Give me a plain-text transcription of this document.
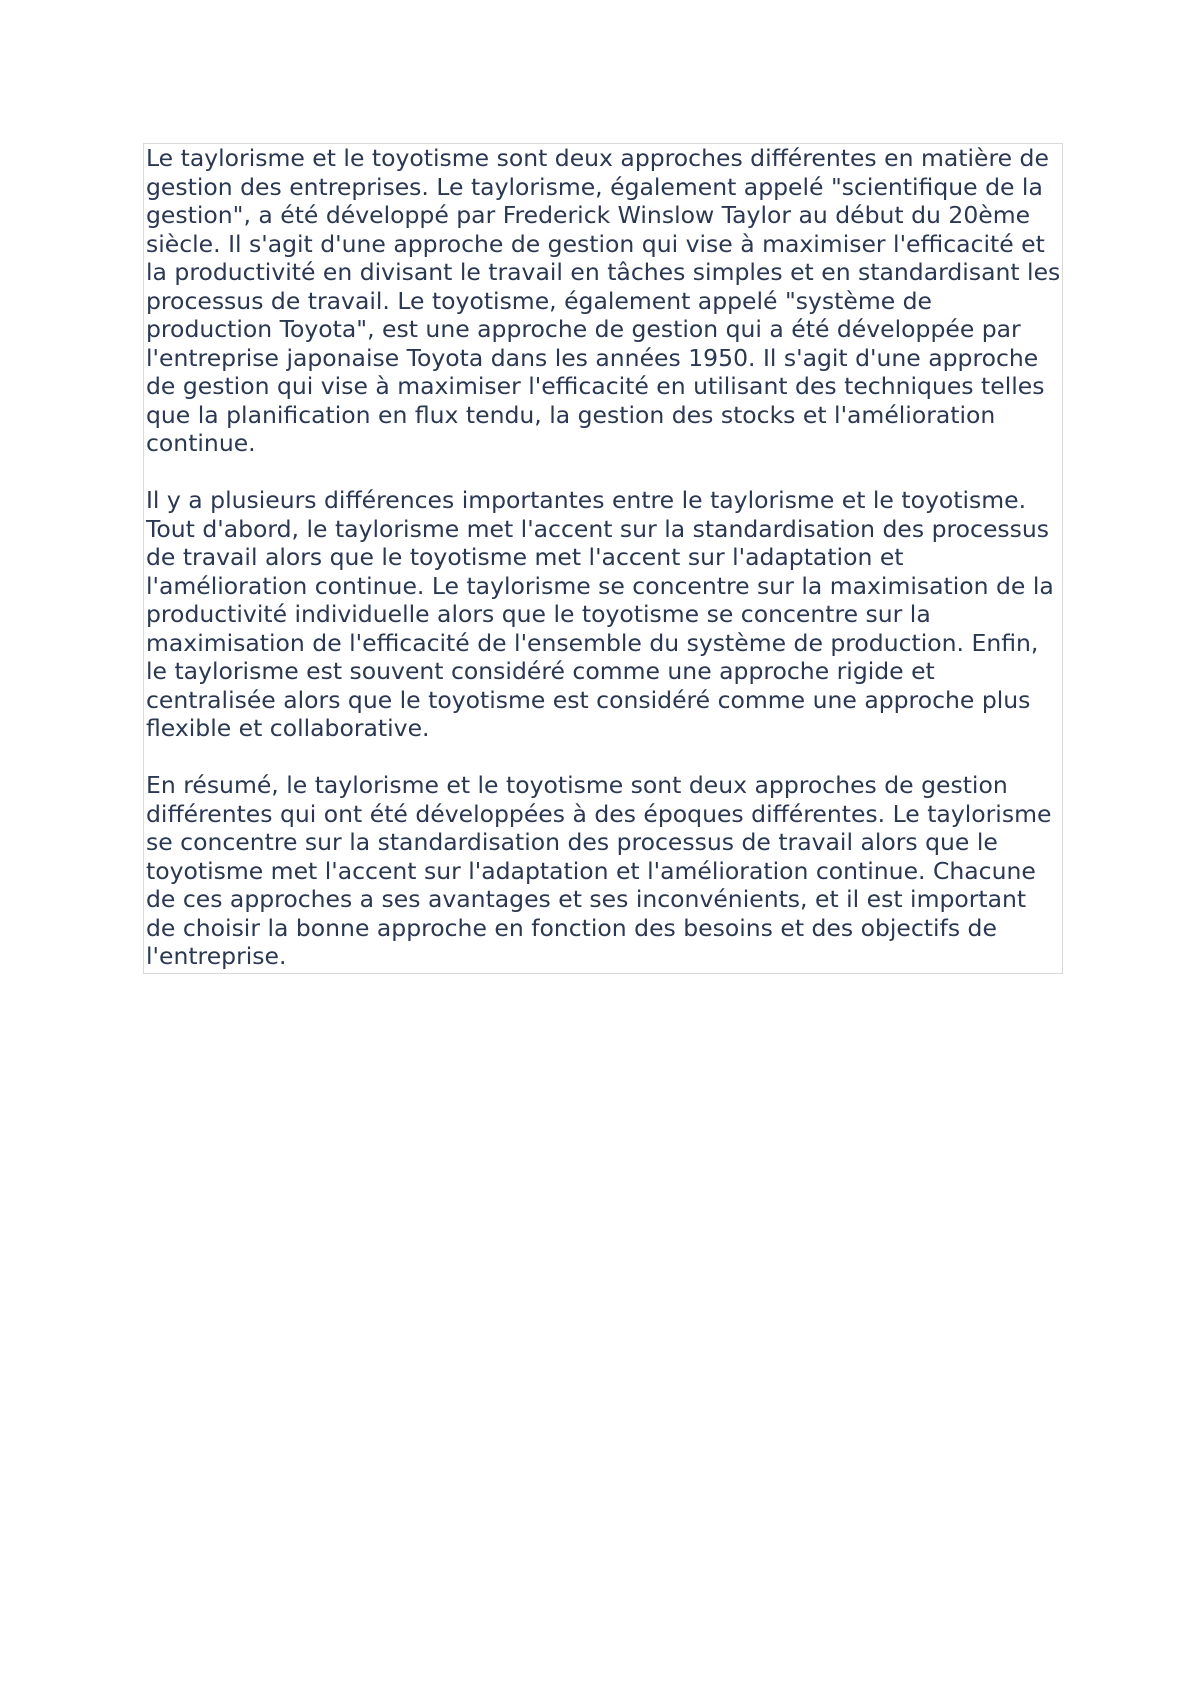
Le taylorisme et le toyotisme sont deux approches différentes en matière de gestion des entreprises. Le taylorisme, également appelé "scientifique de la gestion", a été développé par Frederick Winslow Taylor au début du 20ème siècle. Il s'agit d'une approche de gestion qui vise à maximiser l'efficacité et la productivité en divisant le travail en tâches simples et en standardisant les processus de travail. Le toyotisme, également appelé "système de production Toyota", est une approche de gestion qui a été développée par l'entreprise japonaise Toyota dans les années 1950. Il s'agit d'une approche de gestion qui vise à maximiser l'efficacité en utilisant des techniques telles que la planification en flux tendu, la gestion des stocks et l'amélioration continue.

Il y a plusieurs différences importantes entre le taylorisme et le toyotisme. Tout d'abord, le taylorisme met l'accent sur la standardisation des processus de travail alors que le toyotisme met l'accent sur l'adaptation et l'amélioration continue. Le taylorisme se concentre sur la maximisation de la productivité individuelle alors que le toyotisme se concentre sur la maximisation de l'efficacité de l'ensemble du système de production. Enfin, le taylorisme est souvent considéré comme une approche rigide et centralisée alors que le toyotisme est considéré comme une approche plus flexible et collaborative.

En résumé, le taylorisme et le toyotisme sont deux approches de gestion différentes qui ont été développées à des époques différentes. Le taylorisme se concentre sur la standardisation des processus de travail alors que le toyotisme met l'accent sur l'adaptation et l'amélioration continue. Chacune de ces approches a ses avantages et ses inconvénients, et il est important de choisir la bonne approche en fonction des besoins et des objectifs de l'entreprise.
